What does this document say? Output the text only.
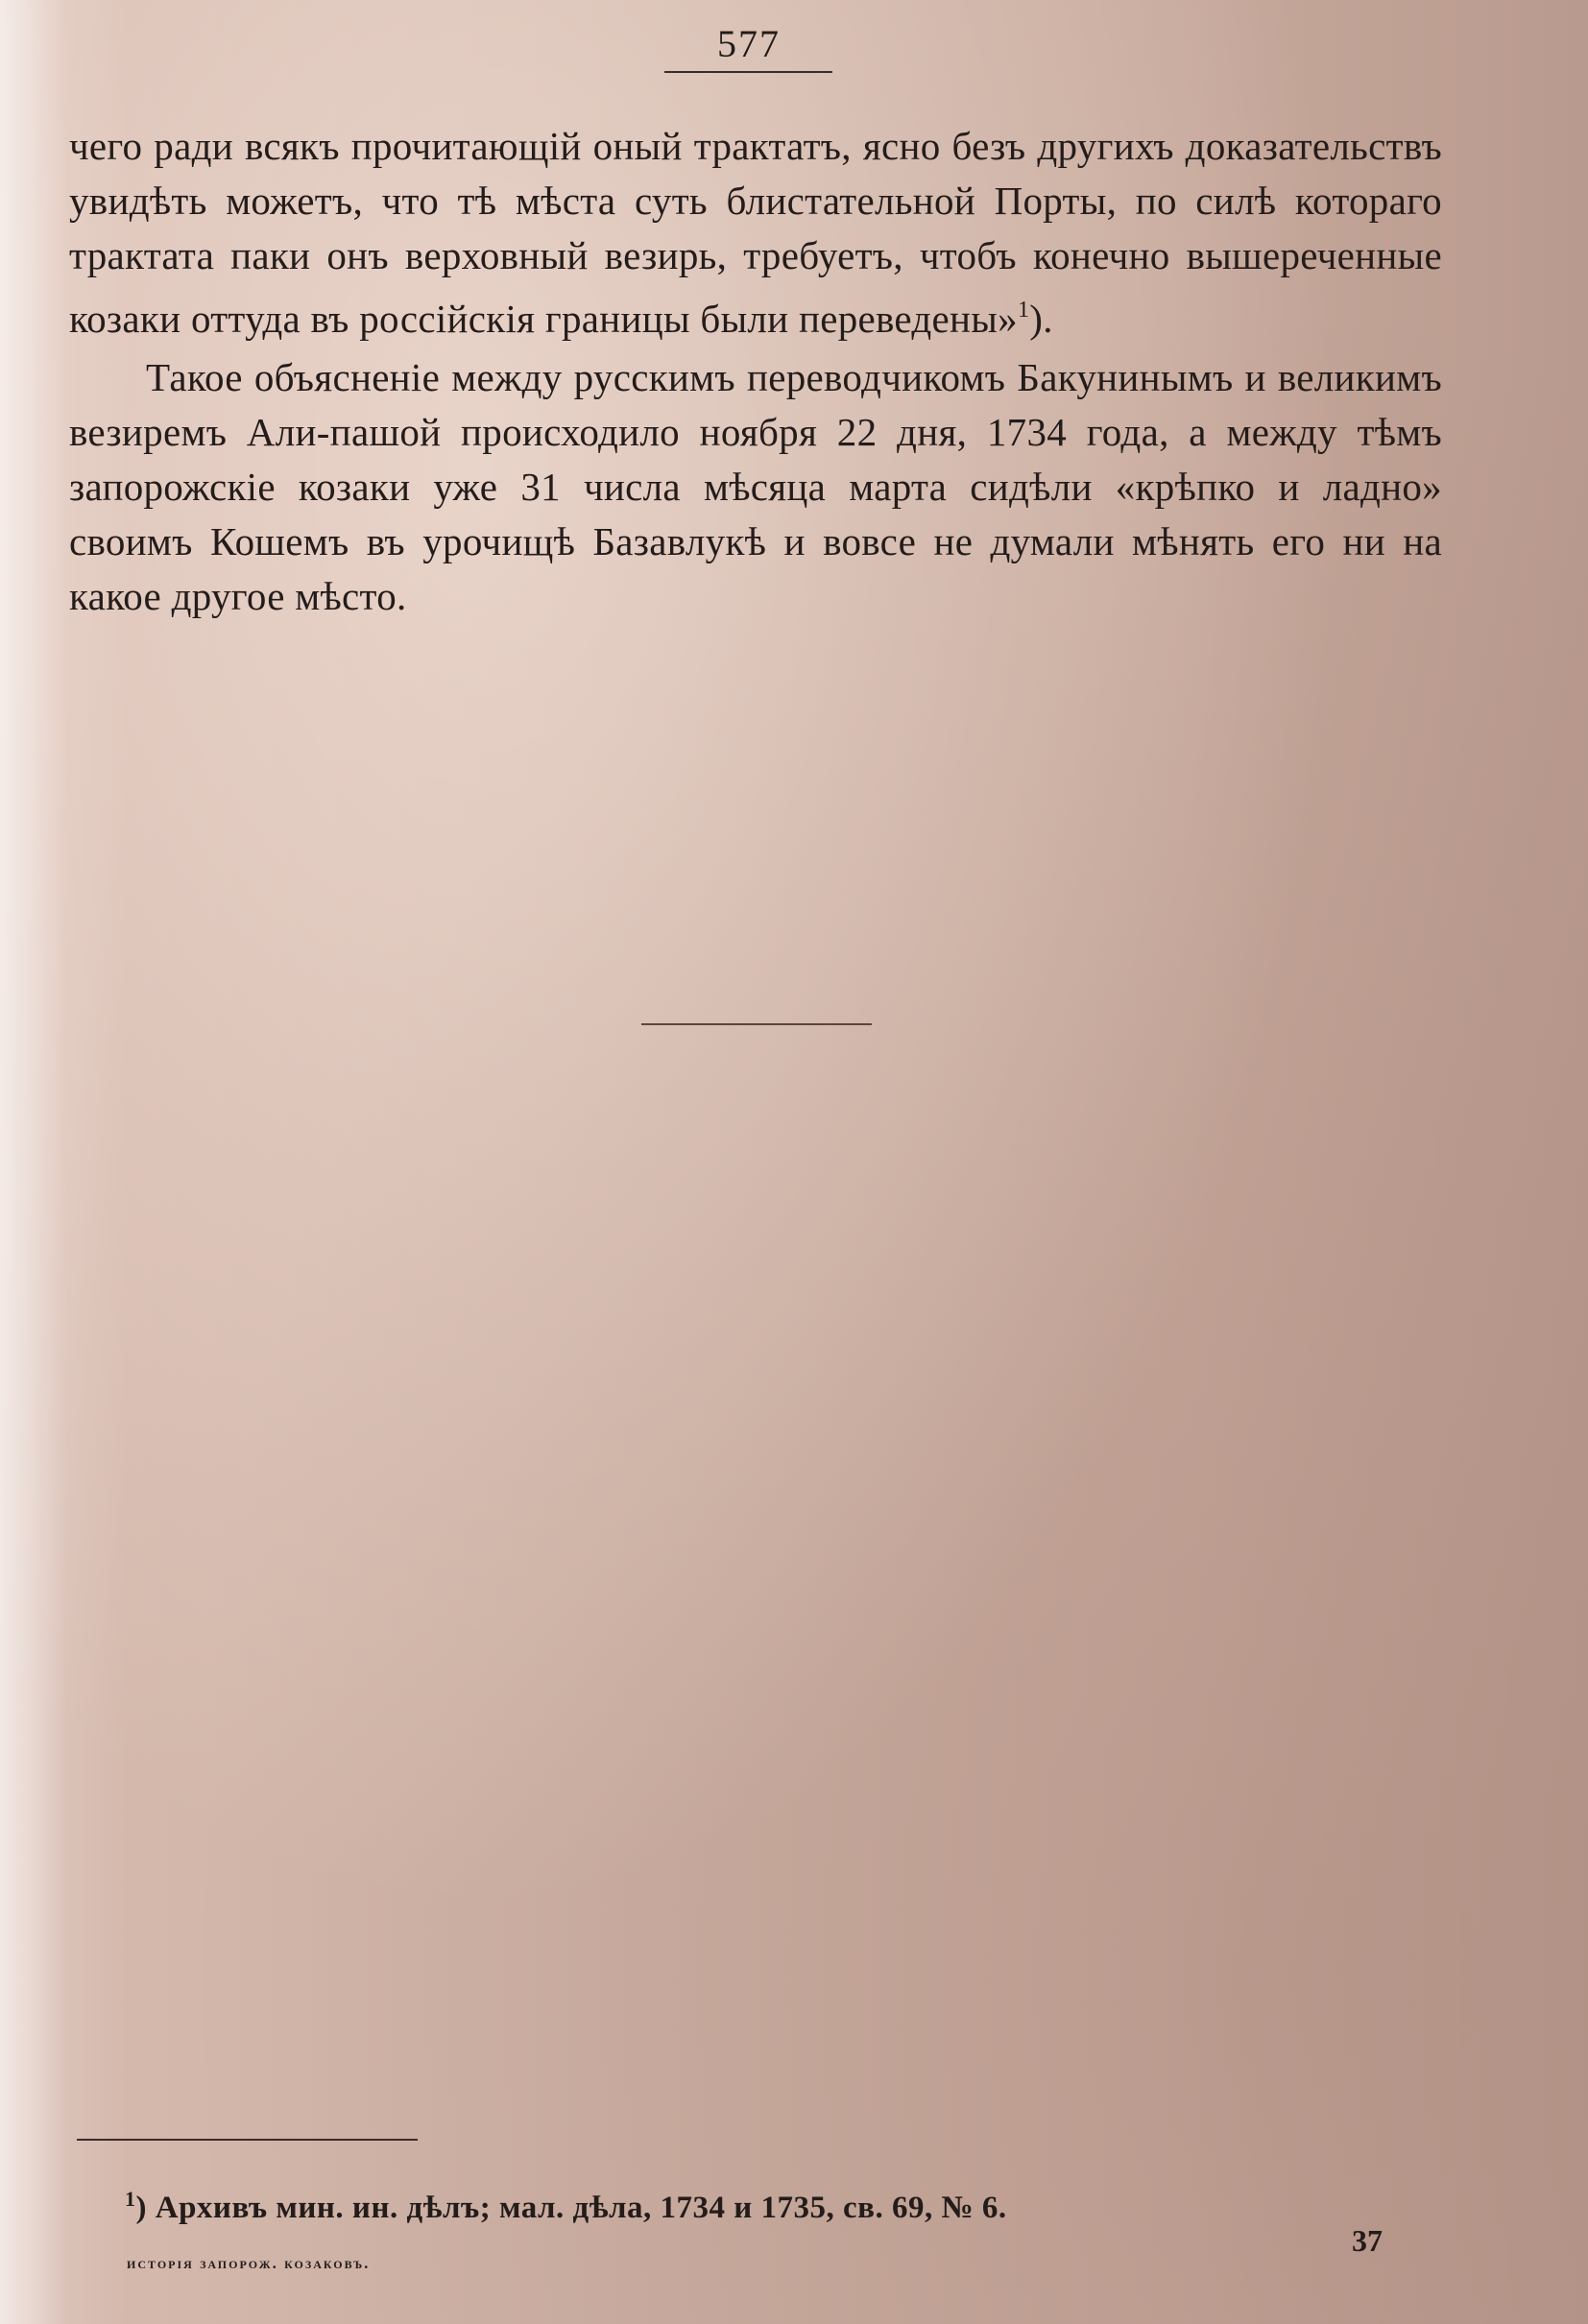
577

чего ради всякъ прочитающій оный трактатъ, ясно безъ другихъ доказательствъ увидѣть можетъ, что тѣ мѣста суть блистательной Порты, по силѣ котораго трактата паки онъ верховный везирь, требуетъ, чтобъ конечно вышереченные козаки оттуда въ россійскія границы были переведены»$^1$).

Такое объясненіе между русскимъ переводчикомъ Бакунинымъ и великимъ везиремъ Али-пашой происходило ноября 22 дня, 1734 года, а между тѣмъ запорожскіе козаки уже 31 числа мѣсяца марта сидѣли «крѣпко и ладно» своимъ Кошемъ въ урочищѣ Базавлукѣ и вовсе не думали мѣнять его ни на какое другое мѣсто.

$^1$) Архивъ мин. ин. дѣлъ; мал. дѣла, 1734 и 1735, св. 69, № 6.
исторія запорож. козаковъ.
37
